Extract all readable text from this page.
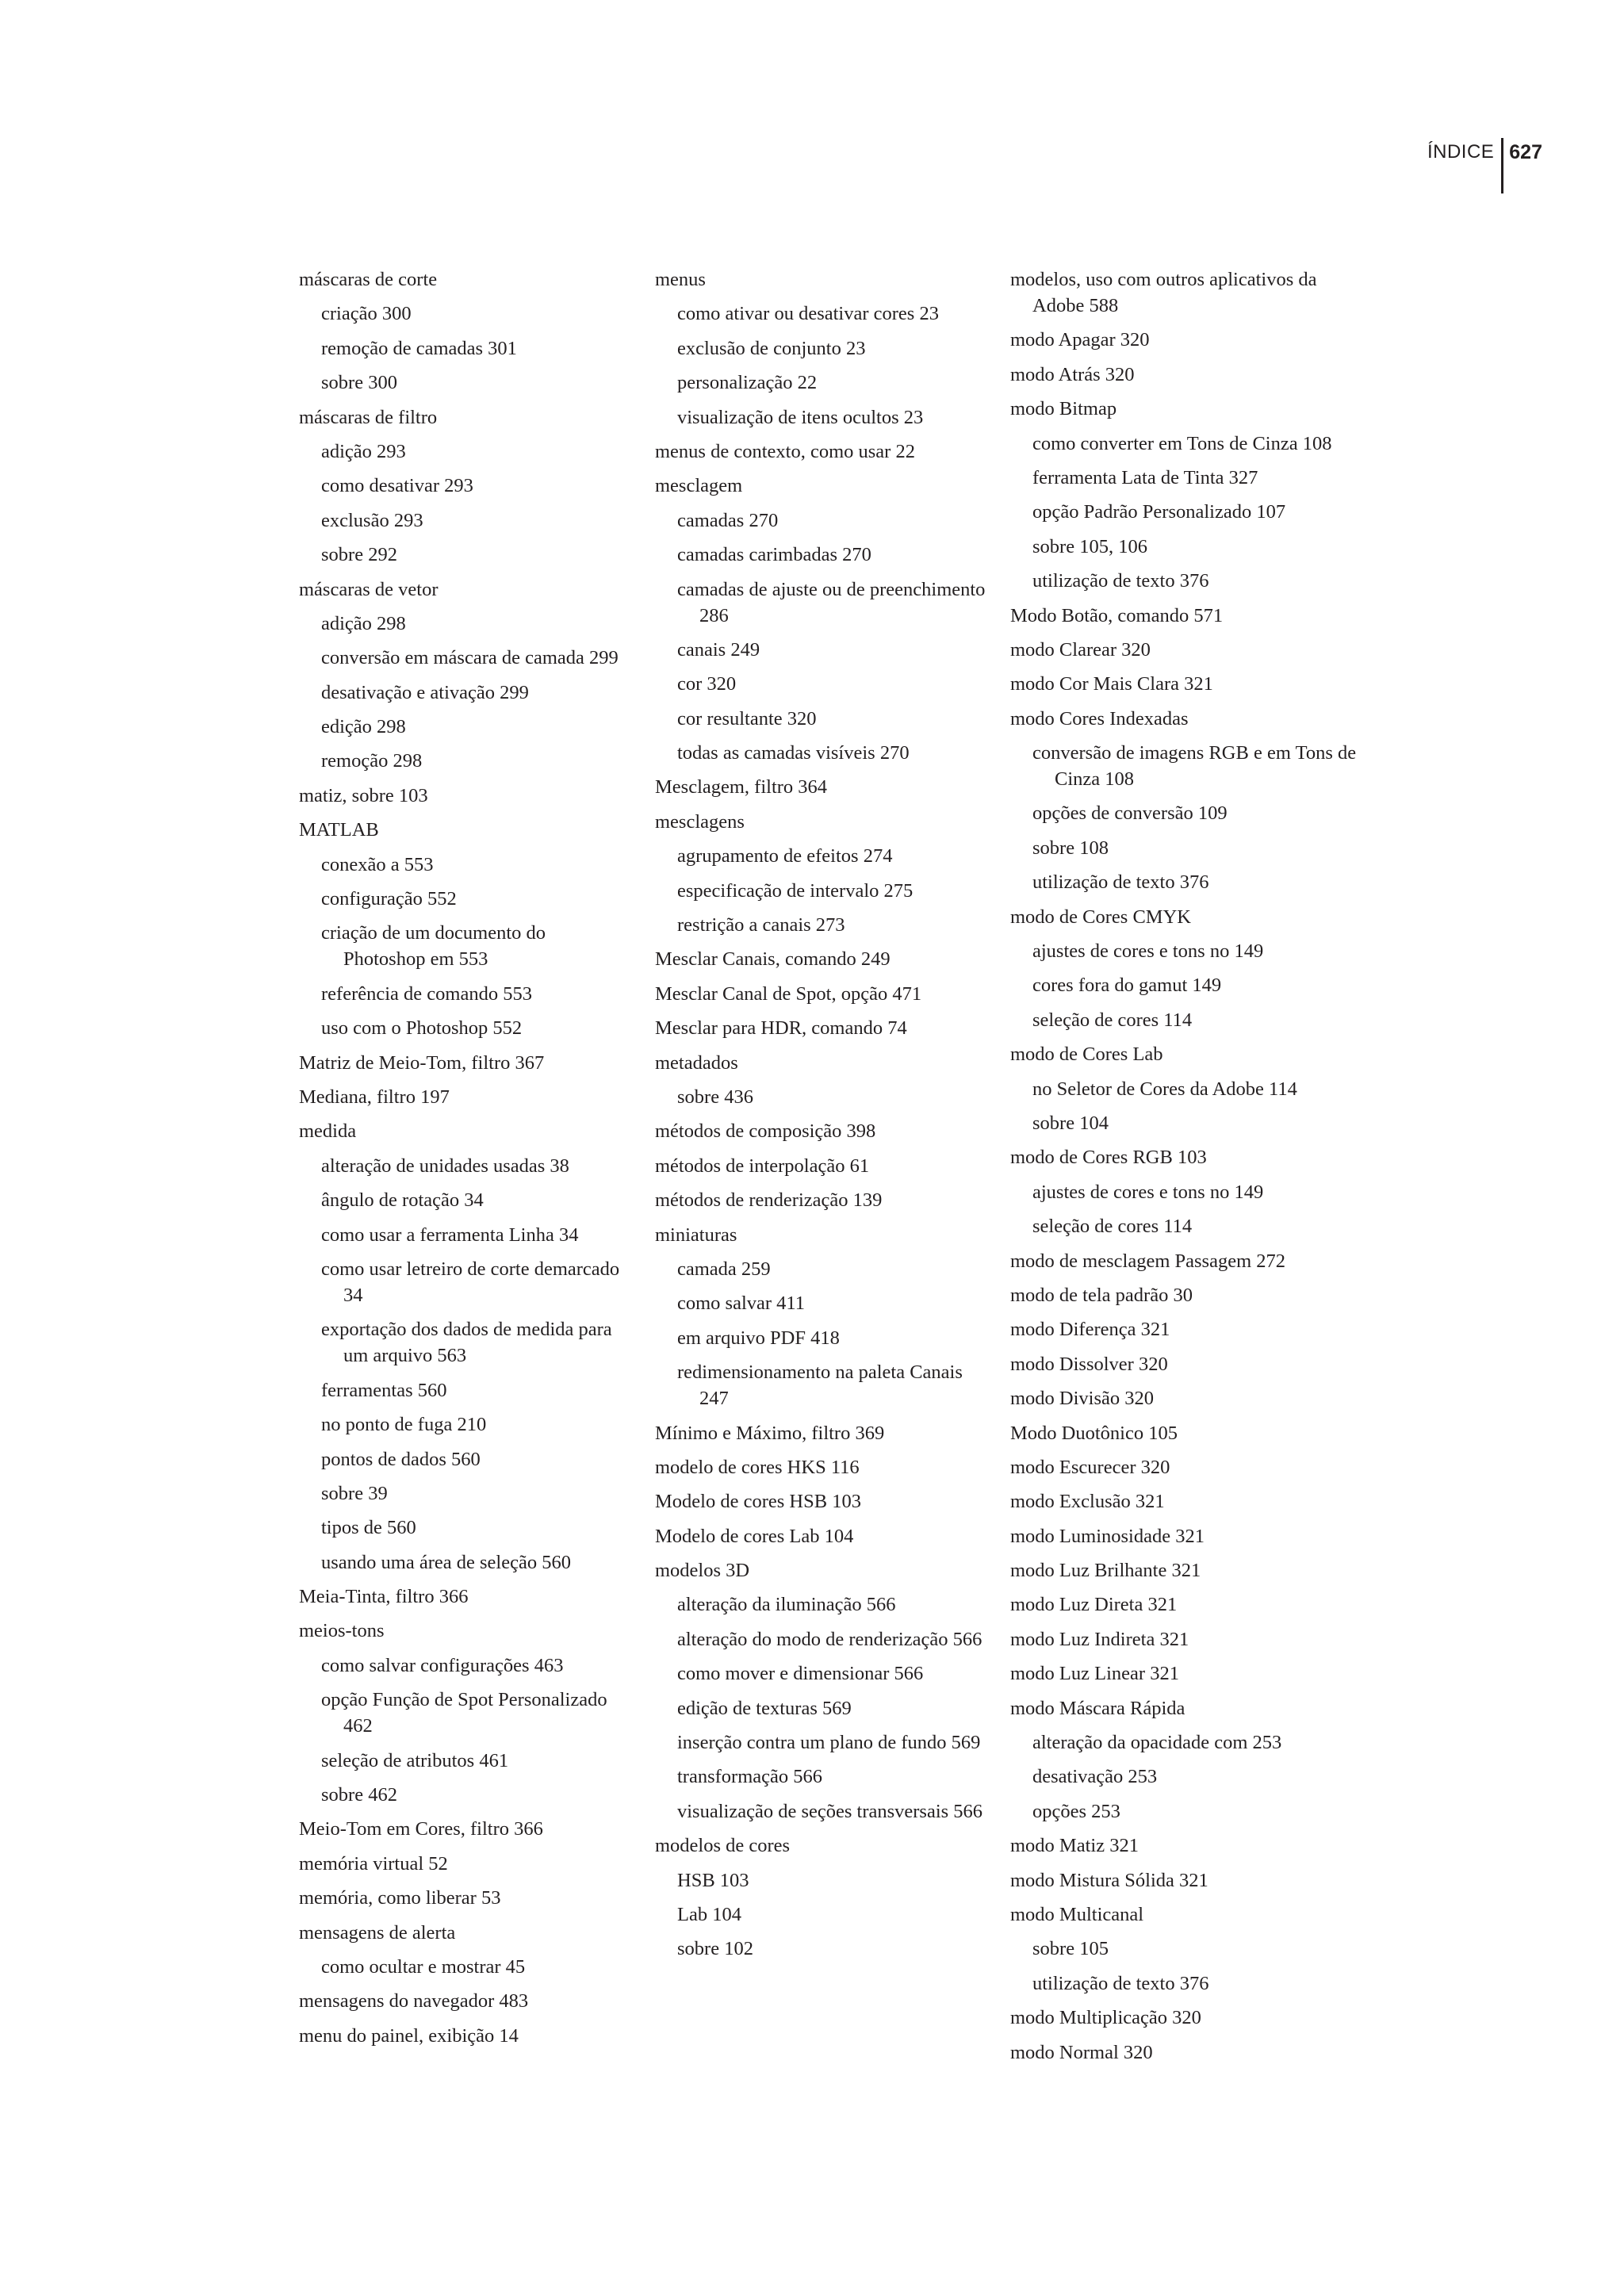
ÍNDICE 627
máscaras de corte
criação 300
remoção de camadas 301
sobre 300
máscaras de filtro
adição 293
como desativar 293
exclusão 293
sobre 292
máscaras de vetor
adição 298
conversão em máscara de camada 299
desativação e ativação 299
edição 298
remoção 298
matiz, sobre 103
MATLAB
conexão a 553
configuração 552
criação de um documento do Photoshop em 553
referência de comando 553
uso com o Photoshop 552
Matriz de Meio-Tom, filtro 367
Mediana, filtro 197
medida
alteração de unidades usadas 38
ângulo de rotação 34
como usar a ferramenta Linha 34
como usar letreiro de corte demarcado 34
exportação dos dados de medida para um arquivo 563
ferramentas 560
no ponto de fuga 210
pontos de dados 560
sobre 39
tipos de 560
usando uma área de seleção 560
Meia-Tinta, filtro 366
meios-tons
como salvar configurações 463
opção Função de Spot Personalizado 462
seleção de atributos 461
sobre 462
Meio-Tom em Cores, filtro 366
memória virtual 52
memória, como liberar 53
mensagens de alerta
como ocultar e mostrar 45
mensagens do navegador 483
menu do painel, exibição 14
menus
como ativar ou desativar cores 23
exclusão de conjunto 23
personalização 22
visualização de itens ocultos 23
menus de contexto, como usar 22
mesclagem
camadas 270
camadas carimbadas 270
camadas de ajuste ou de preenchimento 286
canais 249
cor 320
cor resultante 320
todas as camadas visíveis 270
Mesclagem, filtro 364
mesclagens
agrupamento de efeitos 274
especificação de intervalo 275
restrição a canais 273
Mesclar Canais, comando 249
Mesclar Canal de Spot, opção 471
Mesclar para HDR, comando 74
metadados
sobre 436
métodos de composição 398
métodos de interpolação 61
métodos de renderização 139
miniaturas
camada 259
como salvar 411
em arquivo PDF 418
redimensionamento na paleta Canais 247
Mínimo e Máximo, filtro 369
modelo de cores HKS 116
Modelo de cores HSB 103
Modelo de cores Lab 104
modelos 3D
alteração da iluminação 566
alteração do modo de renderização 566
como mover e dimensionar 566
edição de texturas 569
inserção contra um plano de fundo 569
transformação 566
visualização de seções transversais 566
modelos de cores
HSB 103
Lab 104
sobre 102
modelos, uso com outros aplicativos da Adobe 588
modo Apagar 320
modo Atrás 320
modo Bitmap
como converter em Tons de Cinza 108
ferramenta Lata de Tinta 327
opção Padrão Personalizado 107
sobre 105, 106
utilização de texto 376
Modo Botão, comando 571
modo Clarear 320
modo Cor Mais Clara 321
modo Cores Indexadas
conversão de imagens RGB e em Tons de Cinza 108
opções de conversão 109
sobre 108
utilização de texto 376
modo de Cores CMYK
ajustes de cores e tons no 149
cores fora do gamut 149
seleção de cores 114
modo de Cores Lab
no Seletor de Cores da Adobe 114
sobre 104
modo de Cores RGB 103
ajustes de cores e tons no 149
seleção de cores 114
modo de mesclagem Passagem 272
modo de tela padrão 30
modo Diferença 321
modo Dissolver 320
modo Divisão 320
Modo Duotônico 105
modo Escurecer 320
modo Exclusão 321
modo Luminosidade 321
modo Luz Brilhante 321
modo Luz Direta 321
modo Luz Indireta 321
modo Luz Linear 321
modo Máscara Rápida
alteração da opacidade com 253
desativação 253
opções 253
modo Matiz 321
modo Mistura Sólida 321
modo Multicanal
sobre 105
utilização de texto 376
modo Multiplicação 320
modo Normal 320
